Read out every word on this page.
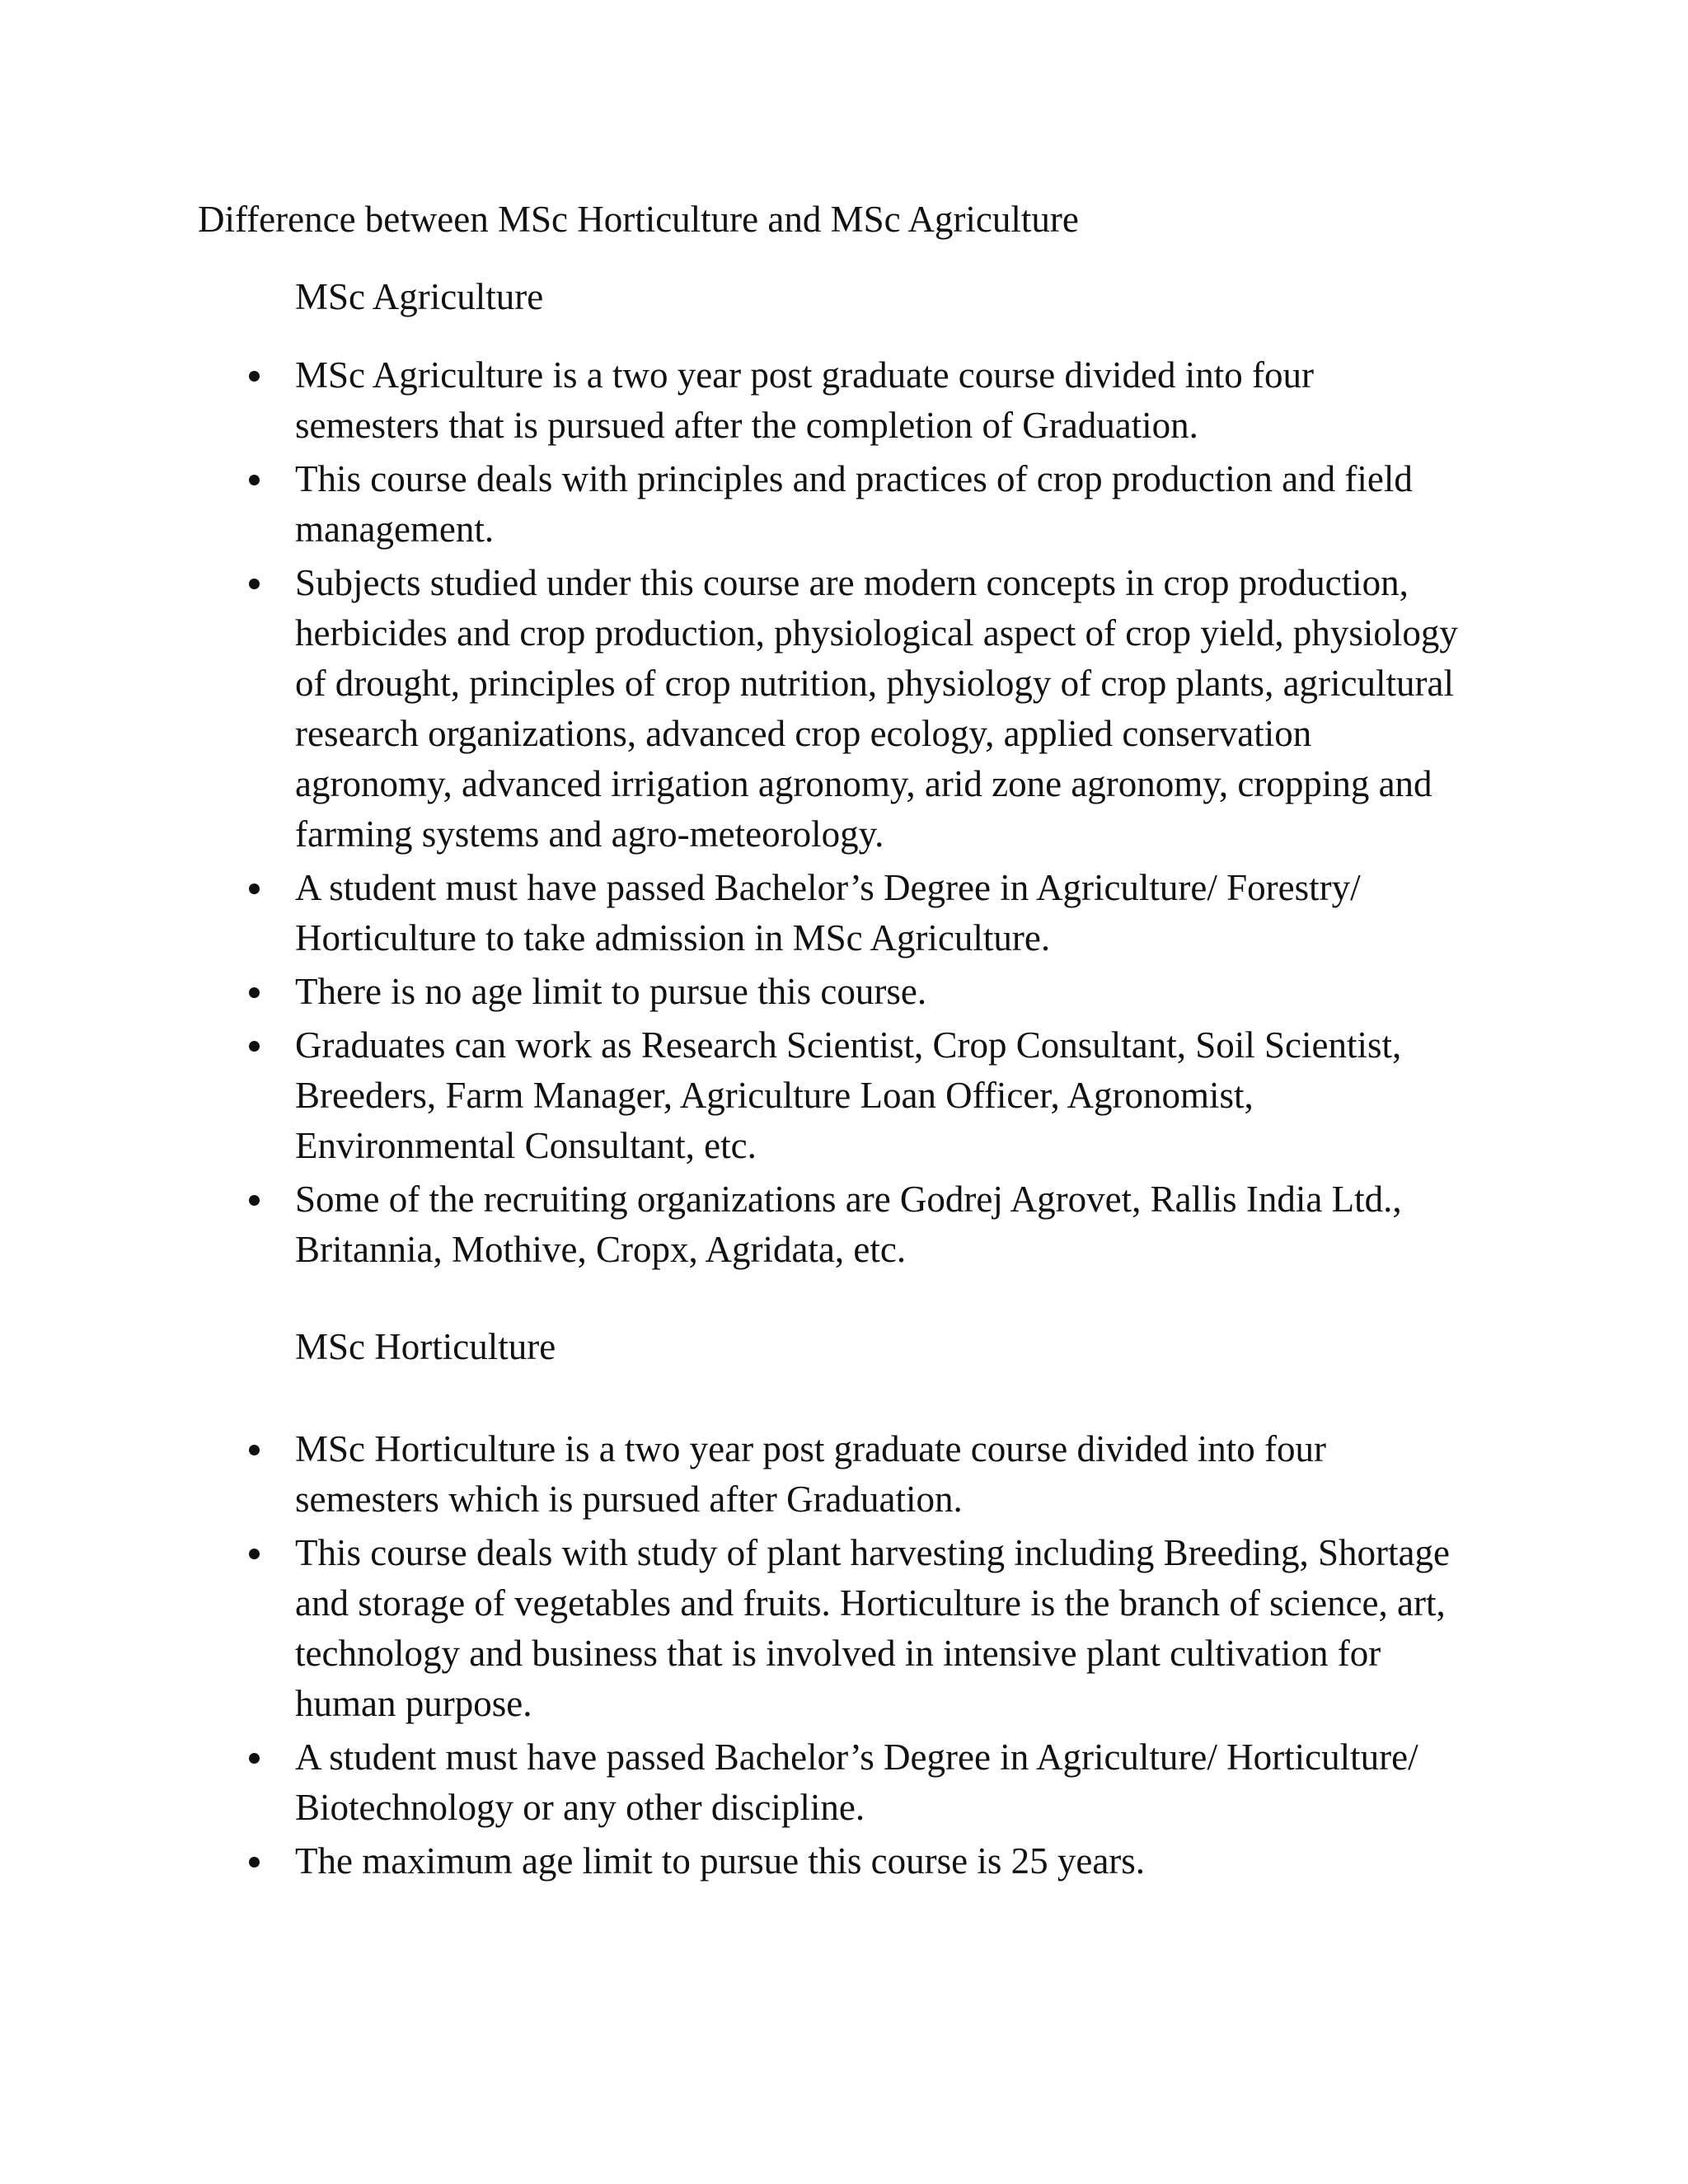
Difference between MSc Horticulture and MSc Agriculture
MSc Agriculture
MSc Agriculture is a two year post graduate course divided into four semesters that is pursued after the completion of Graduation.
This course deals with principles and practices of crop production and field management.
Subjects studied under this course are modern concepts in crop production, herbicides and crop production, physiological aspect of crop yield, physiology of drought, principles of crop nutrition, physiology of crop plants, agricultural research organizations, advanced crop ecology, applied conservation agronomy, advanced irrigation agronomy, arid zone agronomy, cropping and farming systems and agro-meteorology.
A student must have passed Bachelor’s Degree in Agriculture/ Forestry/ Horticulture to take admission in MSc Agriculture.
There is no age limit to pursue this course.
Graduates can work as Research Scientist, Crop Consultant, Soil Scientist, Breeders, Farm Manager, Agriculture Loan Officer, Agronomist, Environmental Consultant, etc.
Some of the recruiting organizations are Godrej Agrovet, Rallis India Ltd., Britannia, Mothive, Cropx, Agridata, etc.
MSc Horticulture
MSc Horticulture is a two year post graduate course divided into four semesters which is pursued after Graduation.
This course deals with study of plant harvesting including Breeding, Shortage and storage of vegetables and fruits. Horticulture is the branch of science, art, technology and business that is involved in intensive plant cultivation for human purpose.
A student must have passed Bachelor’s Degree in Agriculture/ Horticulture/ Biotechnology or any other discipline.
The maximum age limit to pursue this course is 25 years.
